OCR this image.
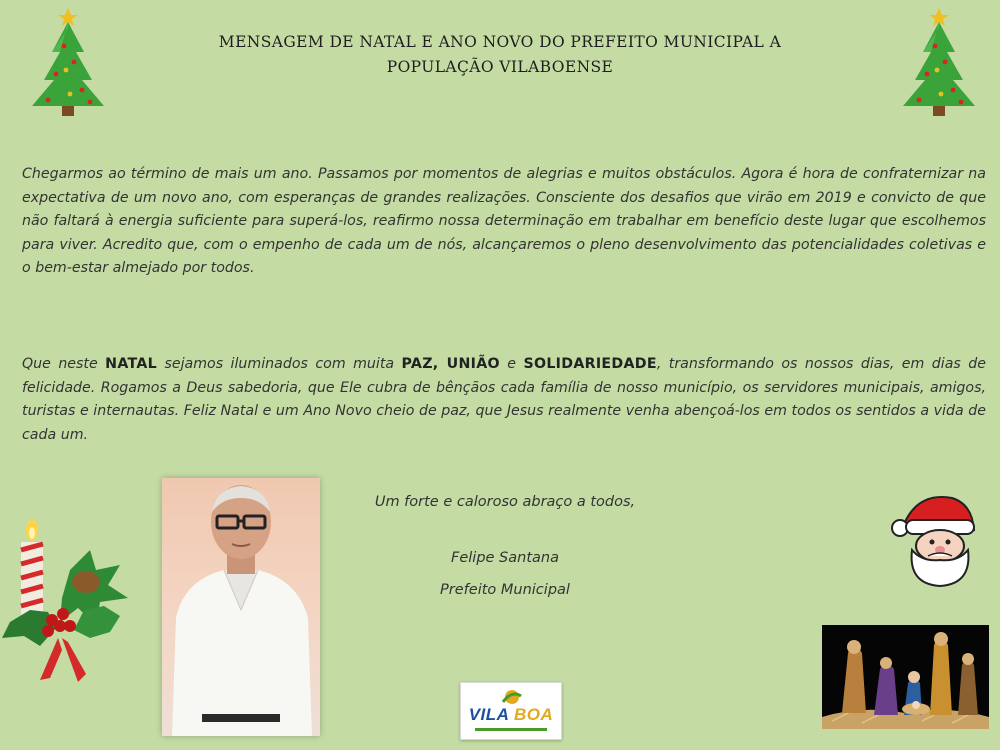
MENSAGEM DE NATAL E ANO NOVO DO PREFEITO MUNICIPAL A
POPULAÇÃO VILABOENSE
Chegarmos ao término de mais um ano. Passamos por momentos de alegrias e muitos obstáculos. Agora é hora de confraternizar na expectativa de um novo ano, com esperanças de grandes realizações. Consciente dos desafios que virão em 2019 e convicto de que não faltará à energia suficiente para superá-los, reafirmo nossa determinação em trabalhar em benefício deste lugar que escolhemos para viver. Acredito que, com o empenho de cada um de nós, alcançaremos o pleno desenvolvimento das potencialidades coletivas e o bem-estar almejado por todos.
Que neste NATAL sejamos iluminados com muita PAZ, UNIÃO e SOLIDARIEDADE, transformando os nossos dias, em dias de felicidade. Rogamos a Deus sabedoria, que Ele cubra de bênçãos cada família de nosso município, os servidores municipais, amigos, turistas e internautas. Feliz Natal e um Ano Novo cheio de paz, que Jesus realmente venha abençoá-los em todos os sentidos a vida de cada um.
Um forte e caloroso abraço a todos,
Felipe Santana
Prefeito Municipal
VILA BOA
